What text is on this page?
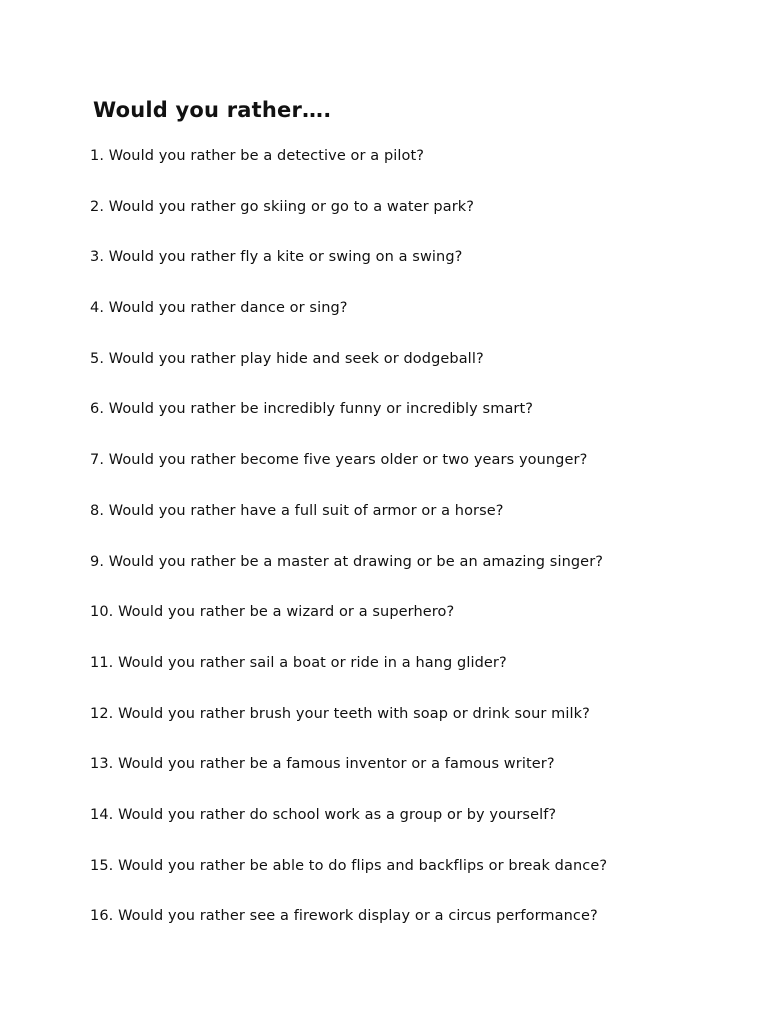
Would you rather….
1. Would you rather be a detective or a pilot?
2. Would you rather go skiing or go to a water park?
3. Would you rather fly a kite or swing on a swing?
4. Would you rather dance or sing?
5. Would you rather play hide and seek or dodgeball?
6. Would you rather be incredibly funny or incredibly smart?
7. Would you rather become five years older or two years younger?
8. Would you rather have a full suit of armor or a horse?
9. Would you rather be a master at drawing or be an amazing singer?
10. Would you rather be a wizard or a superhero?
11. Would you rather sail a boat or ride in a hang glider?
12. Would you rather brush your teeth with soap or drink sour milk?
13. Would you rather be a famous inventor or a famous writer?
14. Would you rather do school work as a group or by yourself?
15. Would you rather be able to do flips and backflips or break dance?
16. Would you rather see a firework display or a circus performance?
